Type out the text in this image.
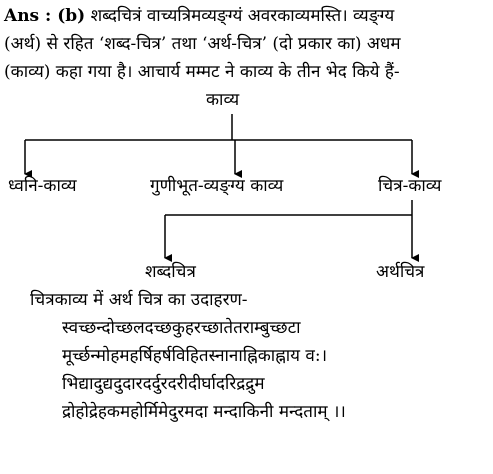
Ans : (b) शब्दचित्रं वाच्यत्रिमव्यङ्ग्यं अवरकाव्यमस्ति। व्यङ्ग्य
(अर्थ) से रहित ‘शब्द-चित्र’ तथा ‘अर्थ-चित्र’ (दो प्रकार का) अधम
(काव्य) कहा गया है। आचार्य मम्मट ने काव्य के तीन भेद किये हैं-
काव्य
ध्वनि-काव्य	गुणीभूत-व्यङ्ग्य काव्य	चित्र-काव्य
शब्दचित्र	अर्थचित्र
चित्रकाव्य में अर्थ चित्र का उदाहरण-
स्वच्छन्दोच्छलदच्छकुहरच्छातेतराम्बुच्छटा
मूर्च्छन्मोहमहर्षिहर्षविहितस्नानाह्निकाह्नाय व:।
भिद्यादुद्यदुदारदर्दुरदरीदीर्घादरिद्रद्रुम
द्रोहोद्रेहकमहोर्मिमेदुरमदा मन्दाकिनी मन्दताम् ।।
